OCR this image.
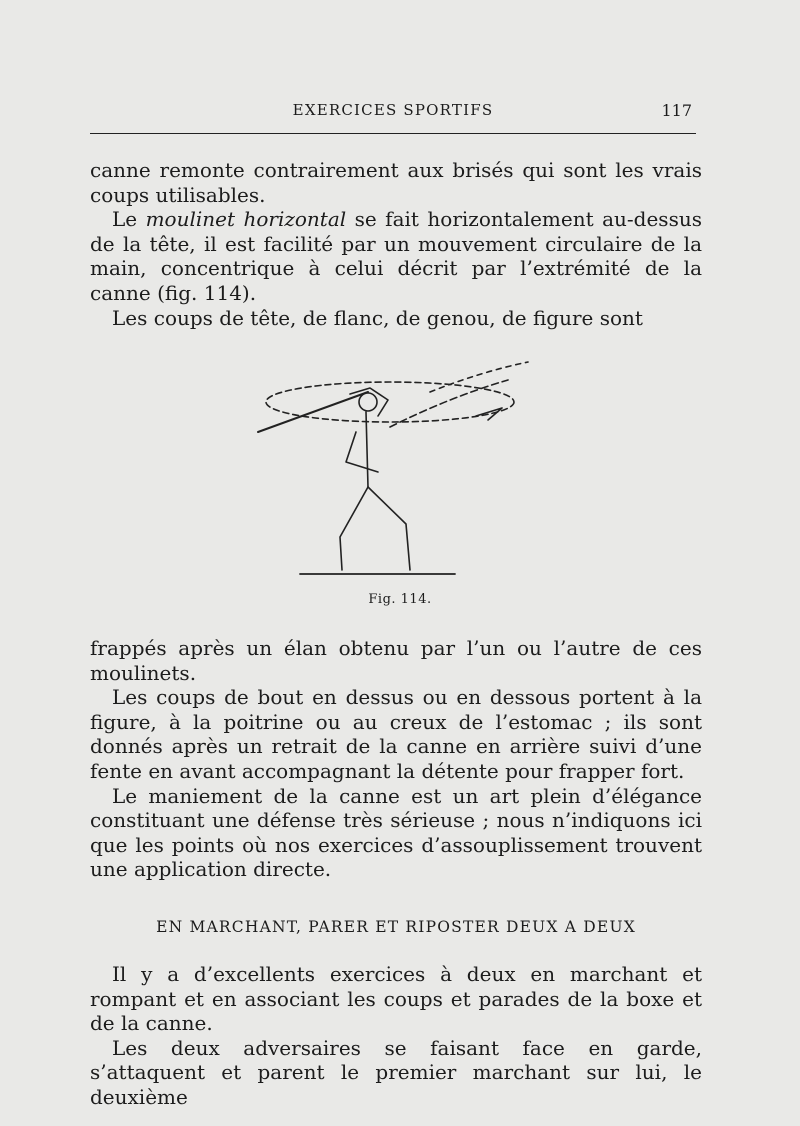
EXERCICES SPORTIFS	117

canne remonte contrairement aux brisés qui sont les vrais coups utilisables.

Le moulinet horizontal se fait horizontalement au-dessus de la tête, il est facilité par un mouvement circulaire de la main, concentrique à celui décrit par l’extrémité de la canne (fig. 114).

Les coups de tête, de flanc, de genou, de figure sont

Fig. 114.

frappés après un élan obtenu par l’un ou l’autre de ces moulinets.

Les coups de bout en dessus ou en dessous portent à la figure, à la poitrine ou au creux de l’estomac ; ils sont donnés après un retrait de la canne en arrière suivi d’une fente en avant accompagnant la détente pour frapper fort.

Le maniement de la canne est un art plein d’élégance constituant une défense très sérieuse ; nous n’indiquons ici que les points où nos exercices d’assouplissement trouvent une application directe.

EN MARCHANT, PARER ET RIPOSTER DEUX A DEUX

Il y a d’excellents exercices à deux en marchant et rompant et en associant les coups et parades de la boxe et de la canne.

Les deux adversaires se faisant face en garde, s’attaquent et parent le premier marchant sur lui, le deuxième
